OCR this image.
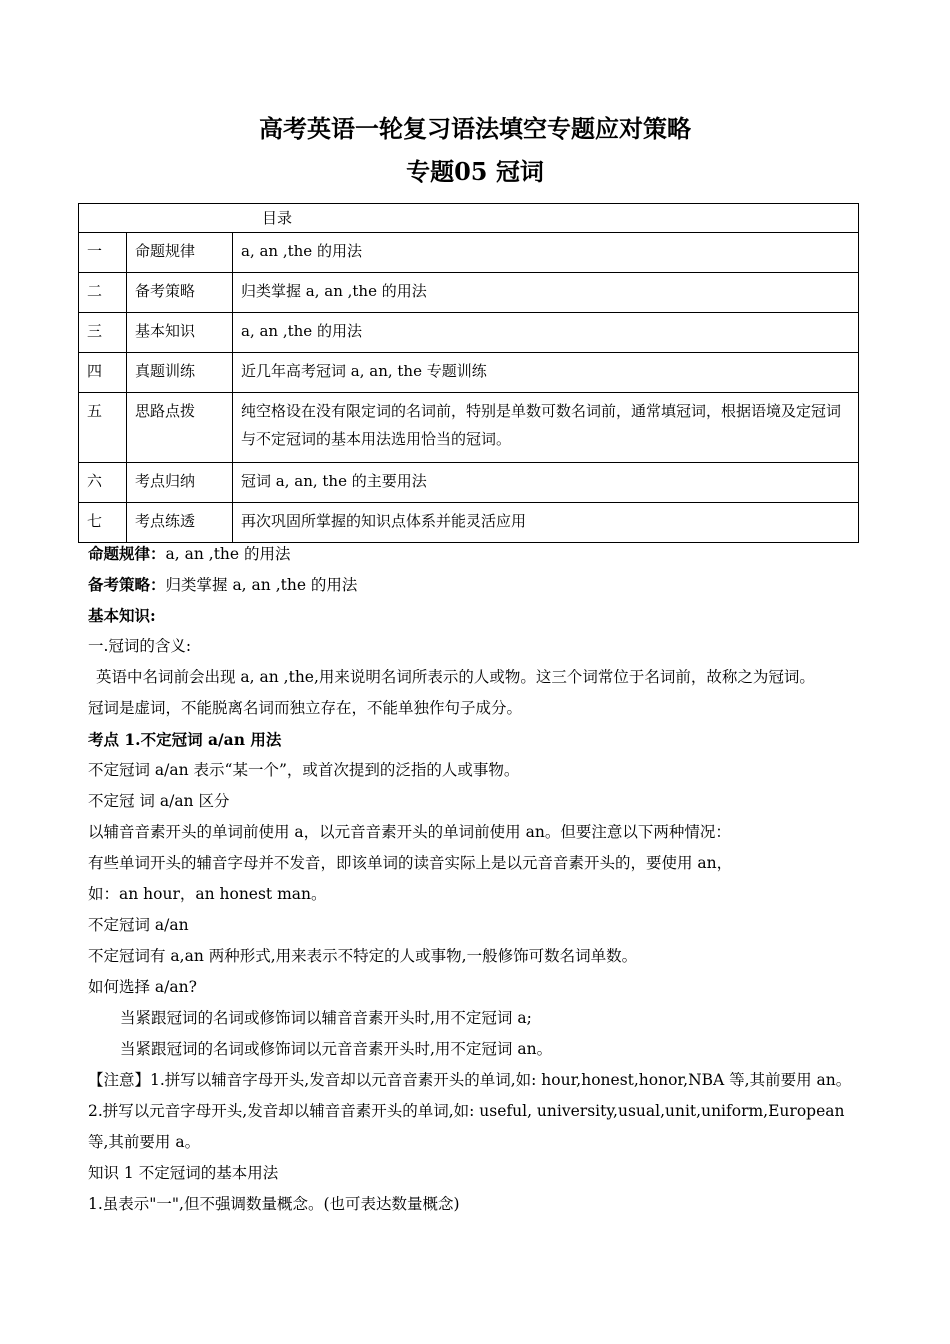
高考英语一轮复习语法填空专题应对策略
专题05 冠词
目录		
一	命题规律	a, an ,the 的用法
二	备考策略	归类掌握 a, an ,the 的用法
三	基本知识	a, an ,the 的用法
四	真题训练	近几年高考冠词 a, an, the 专题训练
五	思路点拨	纯空格设在没有限定词的名词前，特别是单数可数名词前，通常填冠词，根据语境及定冠词与不定冠词的基本用法选用恰当的冠词。
六	考点归纳	冠词 a, an, the 的主要用法
七	考点练透	再次巩固所掌握的知识点体系并能灵活应用
命题规律：a, an ,the 的用法
备考策略：归类掌握 a, an ,the 的用法
基本知识:
一.冠词的含义:
英语中名词前会出现 a, an ,the,用来说明名词所表示的人或物。这三个词常位于名词前，故称之为冠词。
冠词是虚词，不能脱离名词而独立存在，不能单独作句子成分。
考点 1.不定冠词 a/an 用法
不定冠词 a/an 表示“某一个”，或首次提到的泛指的人或事物。
不定冠 词 a/an 区分
以辅音音素开头的单词前使用 a，以元音音素开头的单词前使用 an。但要注意以下两种情况：
有些单词开头的辅音字母并不发音，即该单词的读音实际上是以元音音素开头的，要使用 an，
如：an hour，an honest man。
不定冠词 a/an
不定冠词有 a,an 两种形式,用来表示不特定的人或事物,一般修饰可数名词单数。
如何选择 a/an?
当紧跟冠词的名词或修饰词以辅音音素开头时,用不定冠词 a;
当紧跟冠词的名词或修饰词以元音音素开头时,用不定冠词 an。
【注意】1.拼写以辅音字母开头,发音却以元音音素开头的单词,如: hour,honest,honor,NBA 等,其前要用 an。
2.拼写以元音字母开头,发音却以辅音音素开头的单词,如: useful, university,usual,unit,uniform,European 等,其前要用 a。
知识 1 不定冠词的基本用法
1.虽表示"一",但不强调数量概念。(也可表达数量概念)
